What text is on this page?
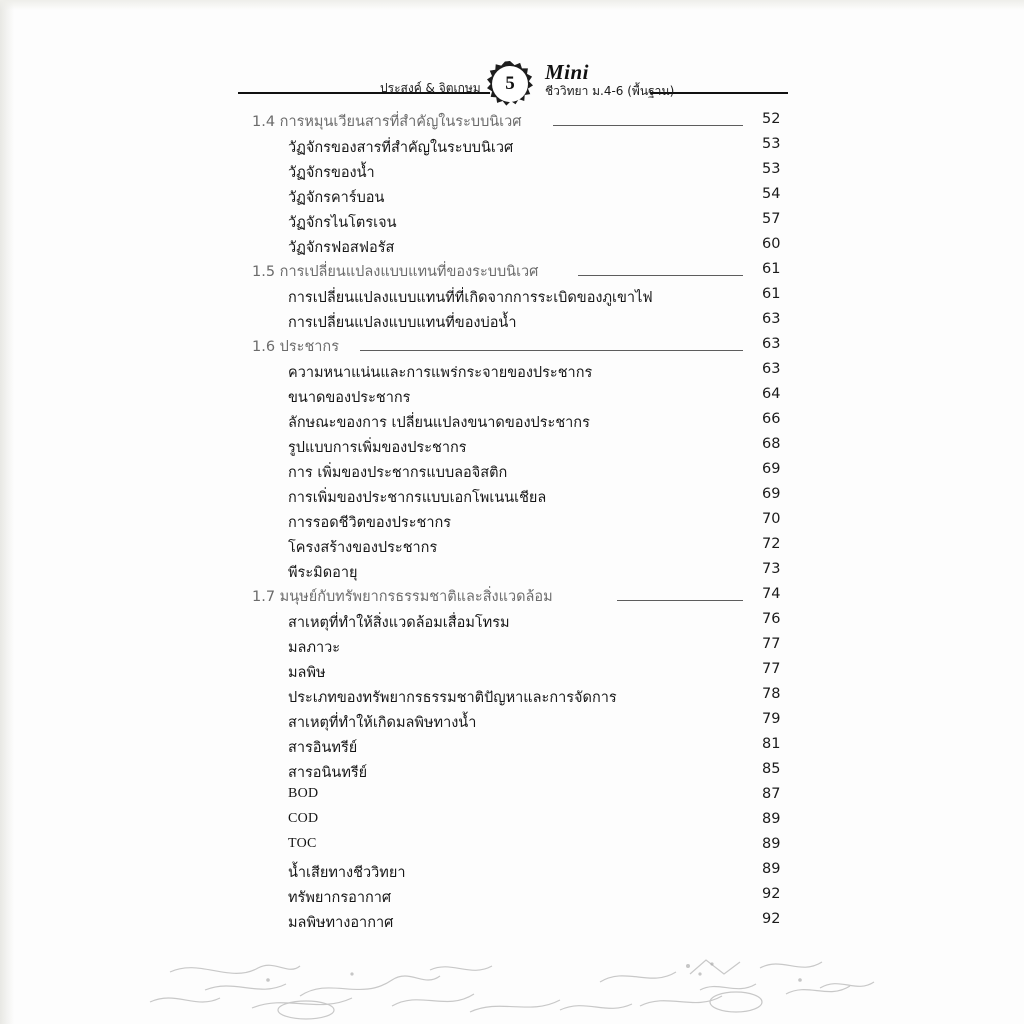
ประสงค์ & จิตเกษม	5	Mini
ชีววิทยา ม.4-6 (พื้นฐาน)
1.4 การหมุนเวียนสารที่สำคัญในระบบนิเวศ	52
วัฏจักรของสารที่สำคัญในระบบนิเวศ	53
วัฏจักรของน้ำ	53
วัฏจักรคาร์บอน	54
วัฏจักรไนโตรเจน	57
วัฏจักรฟอสฟอรัส	60
1.5 การเปลี่ยนแปลงแบบแทนที่ของระบบนิเวศ	61
การเปลี่ยนแปลงแบบแทนที่ที่เกิดจากการระเบิดของภูเขาไฟ	61
การเปลี่ยนแปลงแบบแทนที่ของบ่อน้ำ	63
1.6 ประชากร	63
ความหนาแน่นและการแพร่กระจายของประชากร	63
ขนาดของประชากร	64
ลักษณะของการ เปลี่ยนแปลงขนาดของประชากร	66
รูปแบบการเพิ่มของประชากร	68
การ เพิ่มของประชากรแบบลอจิสติก	69
การเพิ่มของประชากรแบบเอกโพเนนเชียล	69
การรอดชีวิตของประชากร	70
โครงสร้างของประชากร	72
พีระมิดอายุ	73
1.7 มนุษย์กับทรัพยากรธรรมชาติและสิ่งแวดล้อม	74
สาเหตุที่ทำให้สิ่งแวดล้อมเสื่อมโทรม	76
มลภาวะ	77
มลพิษ	77
ประเภทของทรัพยากรธรรมชาติปัญหาและการจัดการ	78
สาเหตุที่ทำให้เกิดมลพิษทางน้ำ	79
สารอินทรีย์	81
สารอนินทรีย์	85
BOD	87
COD	89
TOC	89
น้ำเสียทางชีววิทยา	89
ทรัพยากรอากาศ	92
มลพิษทางอากาศ	92
